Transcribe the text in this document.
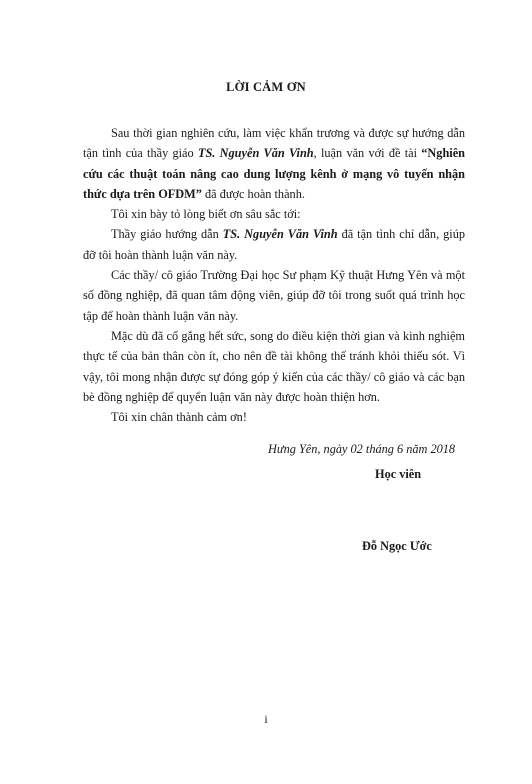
LỜI CẢM ƠN

Sau thời gian nghiên cứu, làm việc khẩn trương và được sự hướng dẫn tận tình của thầy giáo TS. Nguyễn Văn Vinh, luận văn với đề tài “Nghiên cứu các thuật toán nâng cao dung lượng kênh ở mạng vô tuyến nhận thức dựa trên OFDM” đã được hoàn thành.

Tôi xin bày tỏ lòng biết ơn sâu sắc tới:

Thầy giáo hướng dẫn TS. Nguyễn Văn Vinh đã tận tình chỉ dẫn, giúp đỡ tôi hoàn thành luận văn này.

Các thầy/ cô giáo Trường Đại học Sư phạm Kỹ thuật Hưng Yên và một số đồng nghiệp, đã quan tâm động viên, giúp đỡ tôi trong suốt quá trình học tập để hoàn thành luận văn này.

Mặc dù đã cố gắng hết sức, song do điều kiện thời gian và kinh nghiệm thực tế của bản thân còn ít, cho nên đề tài không thể tránh khỏi thiếu sót. Vì vậy, tôi mong nhận được sự đóng góp ý kiến của các thầy/ cô giáo và các bạn bè đồng nghiệp để quyển luận văn này được hoàn thiện hơn.

Tôi xin chân thành cảm ơn!

Hưng Yên, ngày 02 tháng 6 năm 2018
Học viên
Đỗ Ngọc Ước
i
